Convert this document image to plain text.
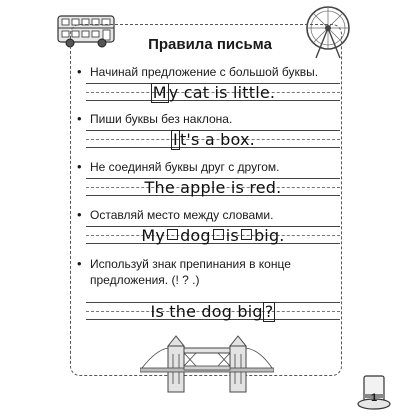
Правила письма
• Начинай предложение с большой буквы.
M y cat is little.
• Пиши буквы без наклона.
I t's a box.
• Не соединяй буквы друг с другом.
The apple is red.
• Оставляй место между словами.
My dog is big.
• Используй знак препинания в конце
предложения. (! ? .)
Is the dog big ?
1
